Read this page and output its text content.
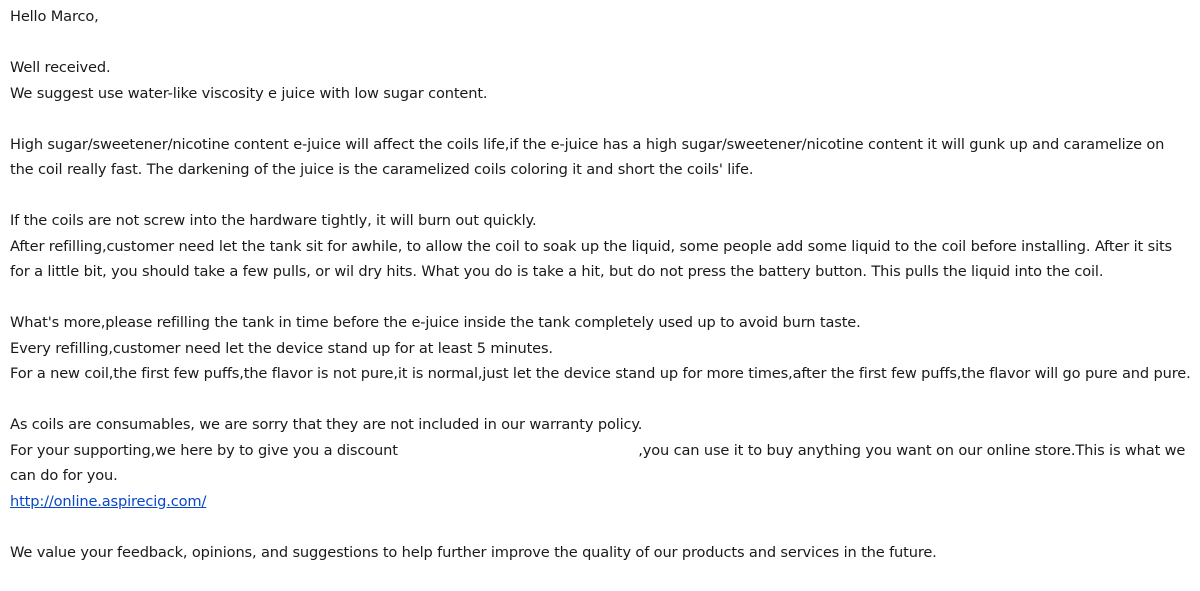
Hello Marco,
Well received.
We suggest use water-like viscosity e juice with low sugar content.
High sugar/sweetener/nicotine content e-juice will affect the coils life,if the e-juice has a high sugar/sweetener/nicotine content it will gunk up and caramelize on the coil really fast. The darkening of the juice is the caramelized coils coloring it and short the coils' life.
If the coils are not screw into the hardware tightly, it will burn out quickly.
After refilling,customer need let the tank sit for awhile, to allow the coil to soak up the liquid, some people add some liquid to the coil before installing. After it sits for a little bit, you should take a few pulls, or wil dry hits. What you do is take a hit, but do not press the battery button. This pulls the liquid into the coil.
What's more,please refilling the tank in time before the e-juice inside the tank completely used up to avoid burn taste.
Every refilling,customer need let the device stand up for at least 5 minutes.
For a new coil,the first few puffs,the flavor is not pure,it is normal,just let the device stand up for more times,after the first few puffs,the flavor will go pure and pure.
As coils are consumables, we are sorry that they are not included in our warranty policy.
For your supporting,we here by to give you a discount	,you can use it to buy anything you want on our online store.This is what we can do for you.
http://online.aspirecig.com/
We value your feedback, opinions, and suggestions to help further improve the quality of our products and services in the future.
